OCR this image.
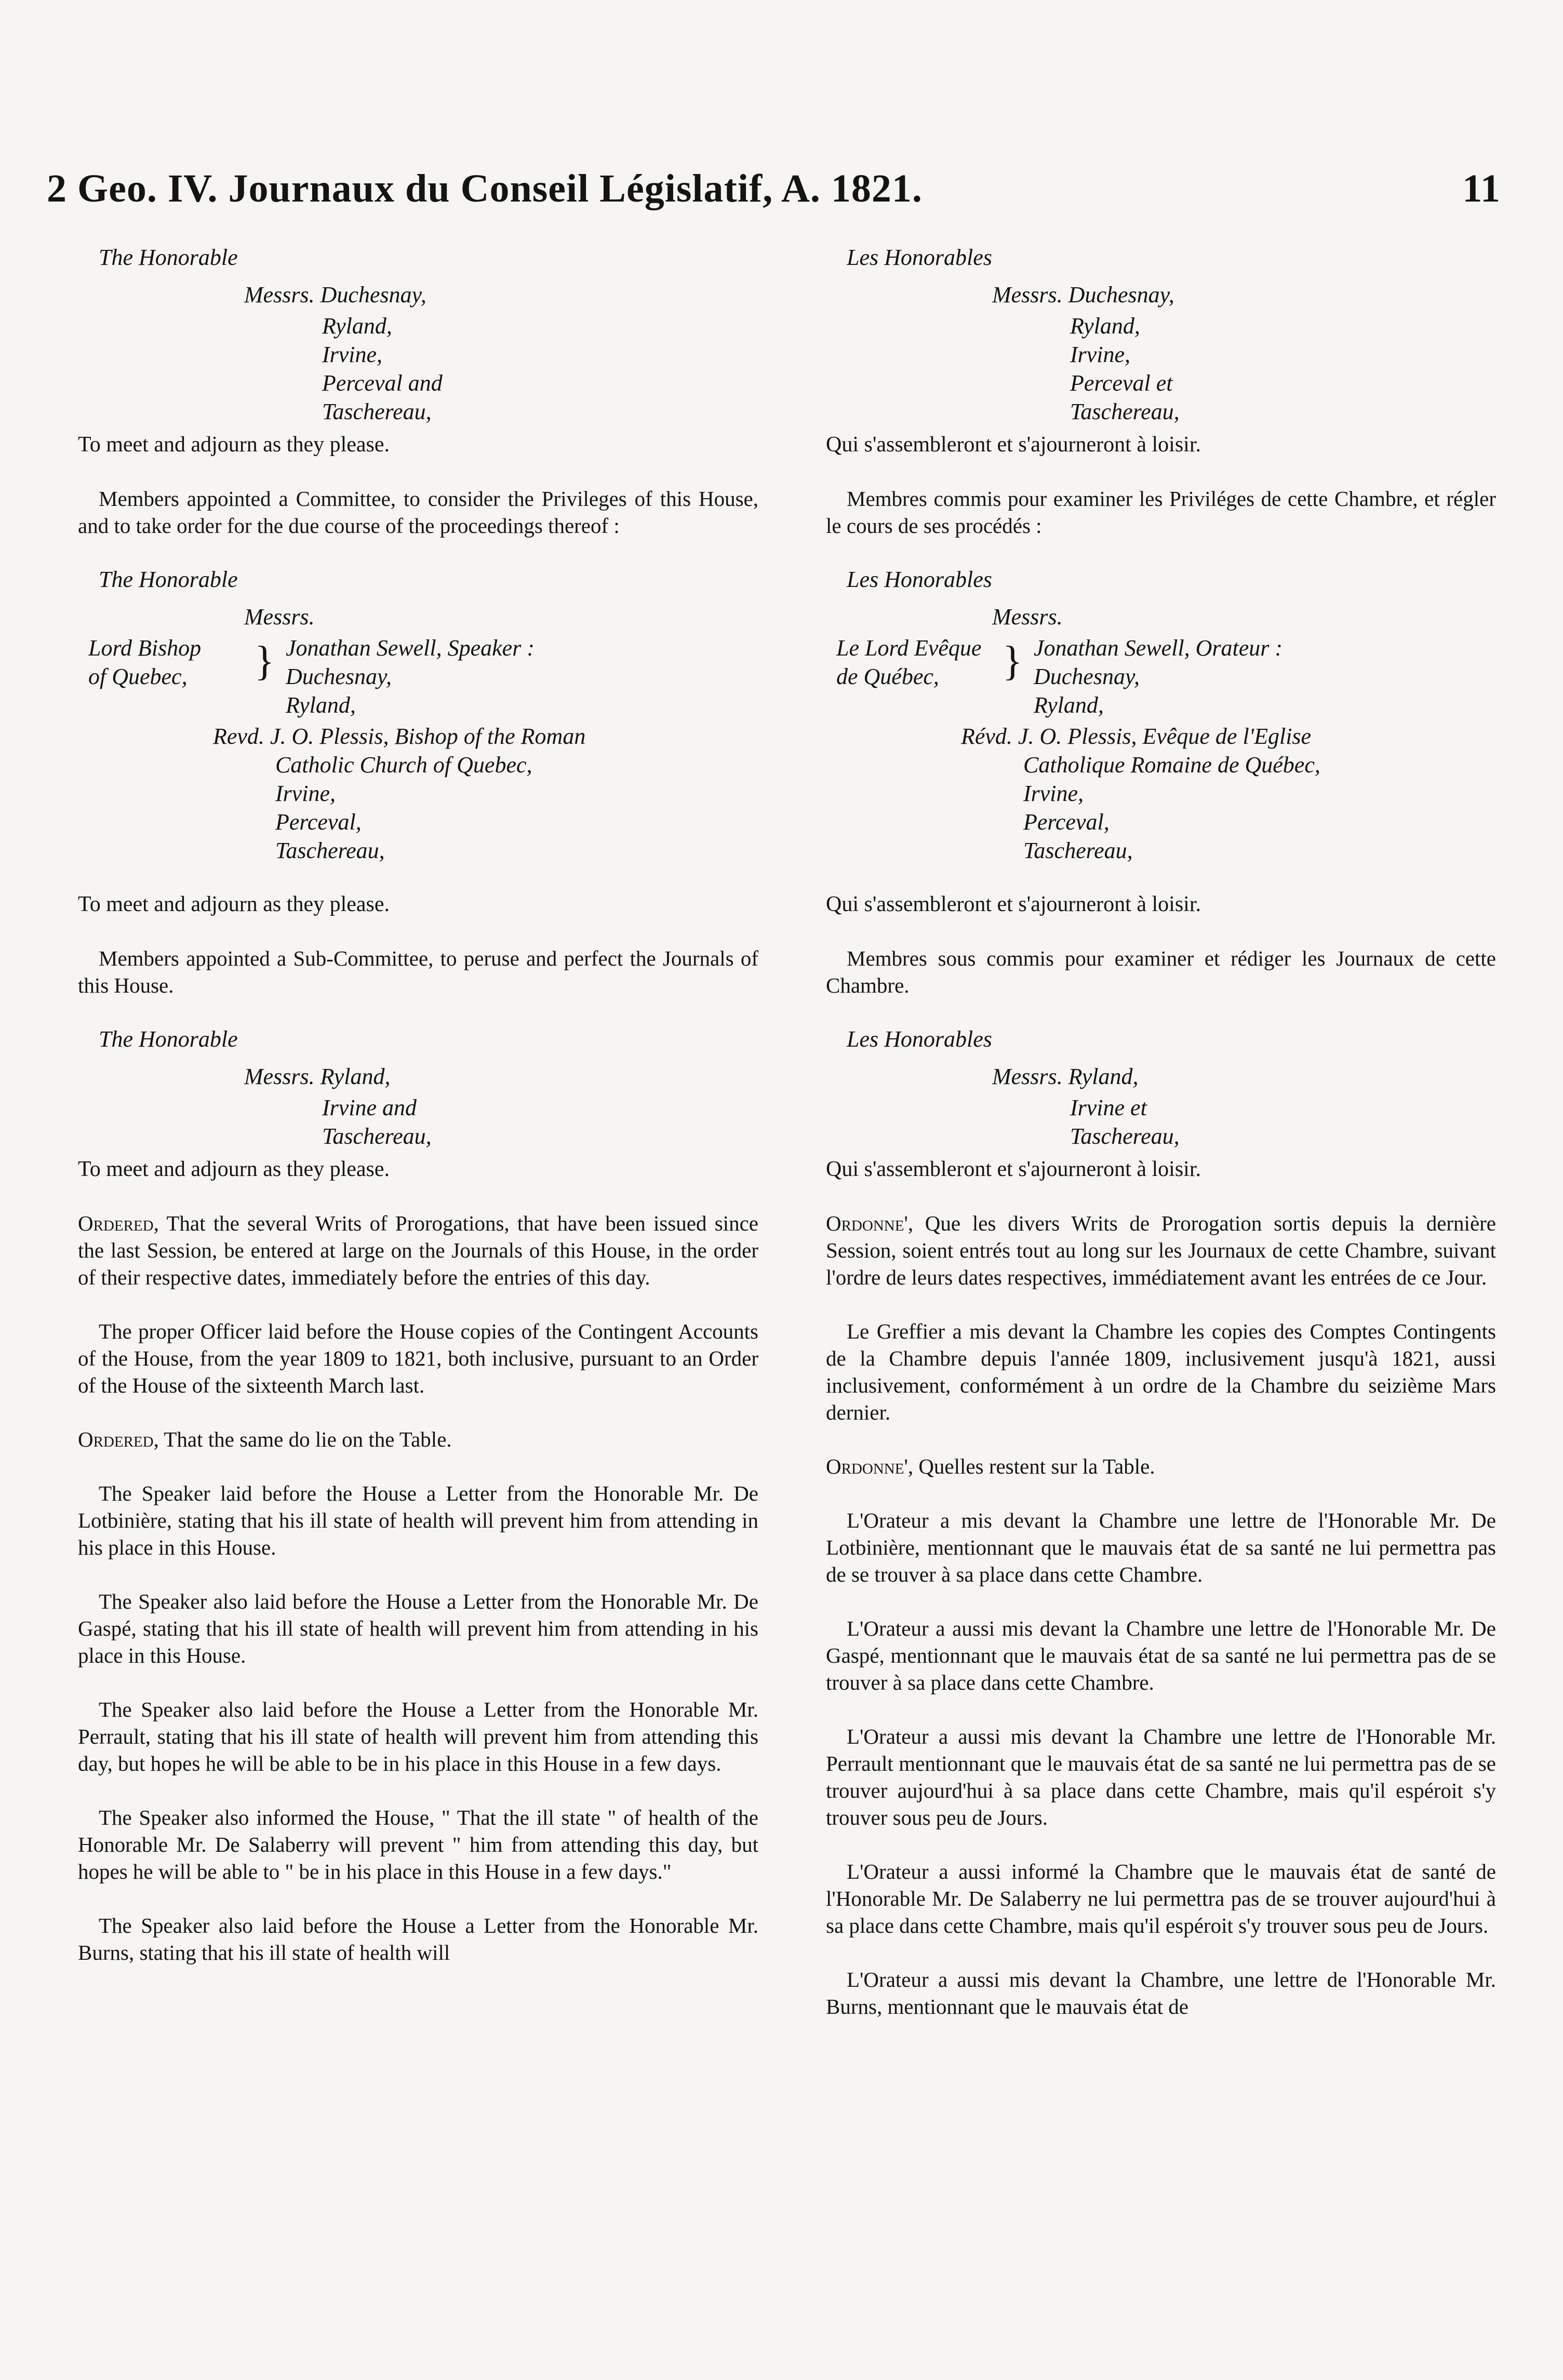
2 Geo. IV. Journaux du Conseil Législatif, A. 1821.	11
The Honorable
Messrs. Duchesnay,
Ryland,
Irvine,
Perceval and
Taschereau,
To meet and adjourn as they please.

Members appointed a Committee, to consider the Privileges of this House, and to take order for the due course of the proceedings thereof :

The Honorable
Messrs.
Lord Bishop
of Quebec,	} Jonathan Sewell, Speaker :
Duchesnay,
Ryland,
Revd. J. O. Plessis, Bishop of the Roman
Catholic Church of Quebec,
Irvine,
Perceval,
Taschereau,
To meet and adjourn as they please.

Members appointed a Sub-Committee, to peruse and perfect the Journals of this House.

The Honorable
Messrs. Ryland,
Irvine and
Taschereau,
To meet and adjourn as they please.

Ordered, That the several Writs of Prorogations, that have been issued since the last Session, be entered at large on the Journals of this House, in the order of their respective dates, immediately before the entries of this day.

The proper Officer laid before the House copies of the Contingent Accounts of the House, from the year 1809 to 1821, both inclusive, pursuant to an Order of the House of the sixteenth March last.

Ordered, That the same do lie on the Table.

The Speaker laid before the House a Letter from the Honorable Mr. De Lotbinière, stating that his ill state of health will prevent him from attending in his place in this House.

The Speaker also laid before the House a Letter from the Honorable Mr. De Gaspé, stating that his ill state of health will prevent him from attending in his place in this House.

The Speaker also laid before the House a Letter from the Honorable Mr. Perrault, stating that his ill state of health will prevent him from attending this day, but hopes he will be able to be in his place in this House in a few days.

The Speaker also informed the House, " That the ill state " of health of the Honorable Mr. De Salaberry will prevent " him from attending this day, but hopes he will be able to " be in his place in this House in a few days."

The Speaker also laid before the House a Letter from the Honorable Mr. Burns, stating that his ill state of health will

Les Honorables
Messrs. Duchesnay,
Ryland,
Irvine,
Perceval et
Taschereau,
Qui s'assembleront et s'ajourneront à loisir.

Membres commis pour examiner les Priviléges de cette Chambre, et régler le cours de ses procédés :

Les Honorables
Messrs.
Le Lord Evêque
de Québec,	} Jonathan Sewell, Orateur :
Duchesnay,
Ryland,
Révd. J. O. Plessis, Evêque de l'Eglise
Catholique Romaine de Québec,
Irvine,
Perceval,
Taschereau,
Qui s'assembleront et s'ajourneront à loisir.

Membres sous commis pour examiner et rédiger les Journaux de cette Chambre.

Les Honorables
Messrs. Ryland,
Irvine et
Taschereau,
Qui s'assembleront et s'ajourneront à loisir.

Ordonne', Que les divers Writs de Prorogation sortis depuis la dernière Session, soient entrés tout au long sur les Journaux de cette Chambre, suivant l'ordre de leurs dates respectives, immédiatement avant les entrées de ce Jour.

Le Greffier a mis devant la Chambre les copies des Comptes Contingents de la Chambre depuis l'année 1809, inclusivement jusqu'à 1821, aussi inclusivement, conformément à un ordre de la Chambre du seizième Mars dernier.

Ordonne', Quelles restent sur la Table.

L'Orateur a mis devant la Chambre une lettre de l'Honorable Mr. De Lotbinière, mentionnant que le mauvais état de sa santé ne lui permettra pas de se trouver à sa place dans cette Chambre.

L'Orateur a aussi mis devant la Chambre une lettre de l'Honorable Mr. De Gaspé, mentionnant que le mauvais état de sa santé ne lui permettra pas de se trouver à sa place dans cette Chambre.

L'Orateur a aussi mis devant la Chambre une lettre de l'Honorable Mr. Perrault mentionnant que le mauvais état de sa santé ne lui permettra pas de se trouver aujourd'hui à sa place dans cette Chambre, mais qu'il espéroit s'y trouver sous peu de Jours.

L'Orateur a aussi informé la Chambre que le mauvais état de santé de l'Honorable Mr. De Salaberry ne lui permettra pas de se trouver aujourd'hui à sa place dans cette Chambre, mais qu'il espéroit s'y trouver sous peu de Jours.

L'Orateur a aussi mis devant la Chambre, une lettre de l'Honorable Mr. Burns, mentionnant que le mauvais état de
